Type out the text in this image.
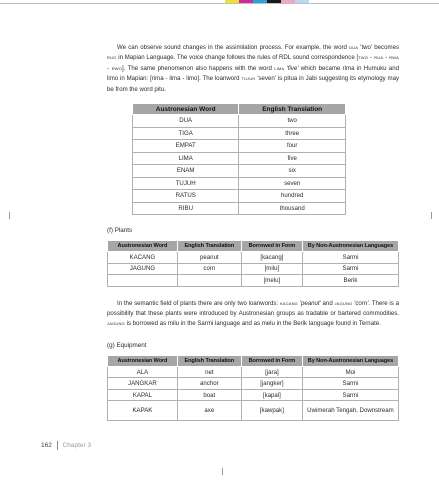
We can observe sound changes in the assimilation process. For example, the word dua 'two' becomes ruo in Mapian Language. The voice change follows the rules of RDL sound correspondence [two - rua - rwa - rwo]. The same phenomenon also happens with the word lima 'five' which became rima in Humuku and limo in Mapian: [rima - lima - limo]. The loanword tujuh 'seven' is pitua in Jabi suggesting its etymology may be from the word pitu.

Austronesian Word	English Translation
DUA	two
TIGA	three
EMPAT	four
LIMA	five
ENAM	six
TUJUH	seven
RATUS	hundred
RIBU	thousand
(f) Plants
Austronesian Word	English Translation	Borrowed in Form	By Non-Austronesian Languages
KACANG	peanut	[kacang]	Sarmi
JAGUNG	corn	[milu]	Sarmi
		[melu]	Berik

In the semantic field of plants there are only two loanwords: kacang 'peanut' and jagung 'corn'. There is a possibility that these plants were introduced by Austronesian groups as tradable or bartered commodities. jagung is borrowed as milu in the Sarmi language and as melu in the Berik language found in Ternate.

(g) Equipment
Austronesian Word	English Translation	Borrowed in Form	By Non-Austronesian Languages
ALA	net	[jara]	Moi
JANGKAR	anchor	[jangker]	Sarmi
KAPAL	boat	[kapal]	Sarmi
KAPAK	axe	[kawpak]	Uwimerah Tengah, Downstream
162 Chapter 3
